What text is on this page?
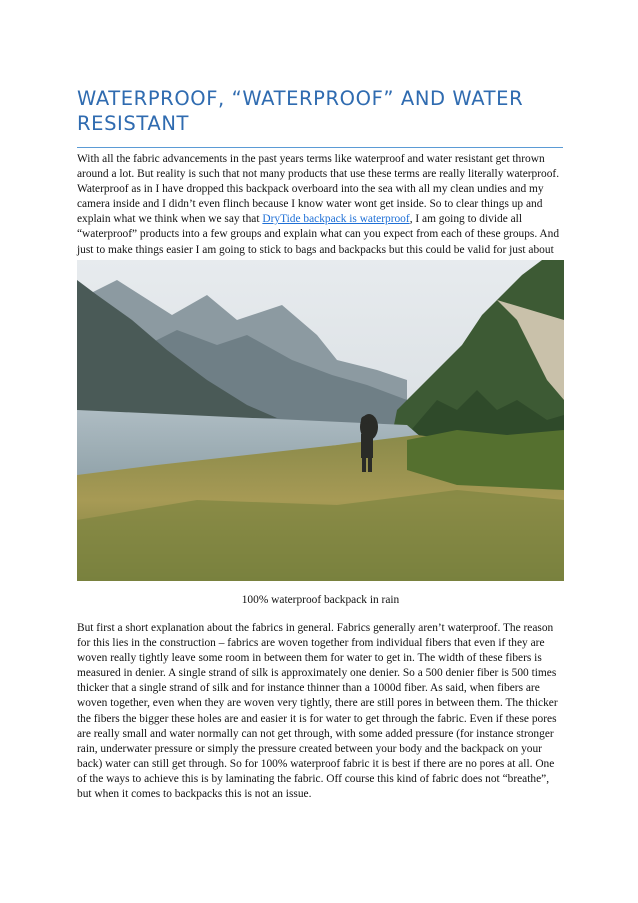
WATERPROOF, “WATERPROOF” AND WATER RESISTANT

With all the fabric advancements in the past years terms like waterproof and water resistant get thrown around a lot. But reality is such that not many products that use these terms are really literally waterproof. Waterproof as in I have dropped this backpack overboard into the sea with all my clean undies and my camera inside and I didn’t even flinch because I know water wont get inside. So to clear things up and explain what we think when we say that DryTide backpack is waterproof, I am going to divide all “waterproof” products into a few groups and explain what can you expect from each of these groups. And just to make things easier I am going to stick to bags and backpacks but this could be valid for just about

100% waterproof backpack in rain

But first a short explanation about the fabrics in general. Fabrics generally aren’t waterproof. The reason for this lies in the construction – fabrics are woven together from individual fibers that even if they are woven really tightly leave some room in between them for water to get in. The width of these fibers is measured in denier. A single strand of silk is approximately one denier. So a 500 denier fiber is 500 times thicker that a single strand of silk and for instance thinner than a 1000d fiber. As said, when fibers are woven together, even when they are woven very tightly, there are still pores in between them. The thicker the fibers the bigger these holes are and easier it is for water to get through the fabric. Even if these pores are really small and water normally can not get through, with some added pressure (for instance stronger rain, underwater pressure or simply the pressure created between your body and the backpack on your back) water can still get through. So for 100% waterproof fabric it is best if there are no pores at all. One of the ways to achieve this is by laminating the fabric. Off course this kind of fabric does not “breathe”, but when it comes to backpacks this is not an issue.
